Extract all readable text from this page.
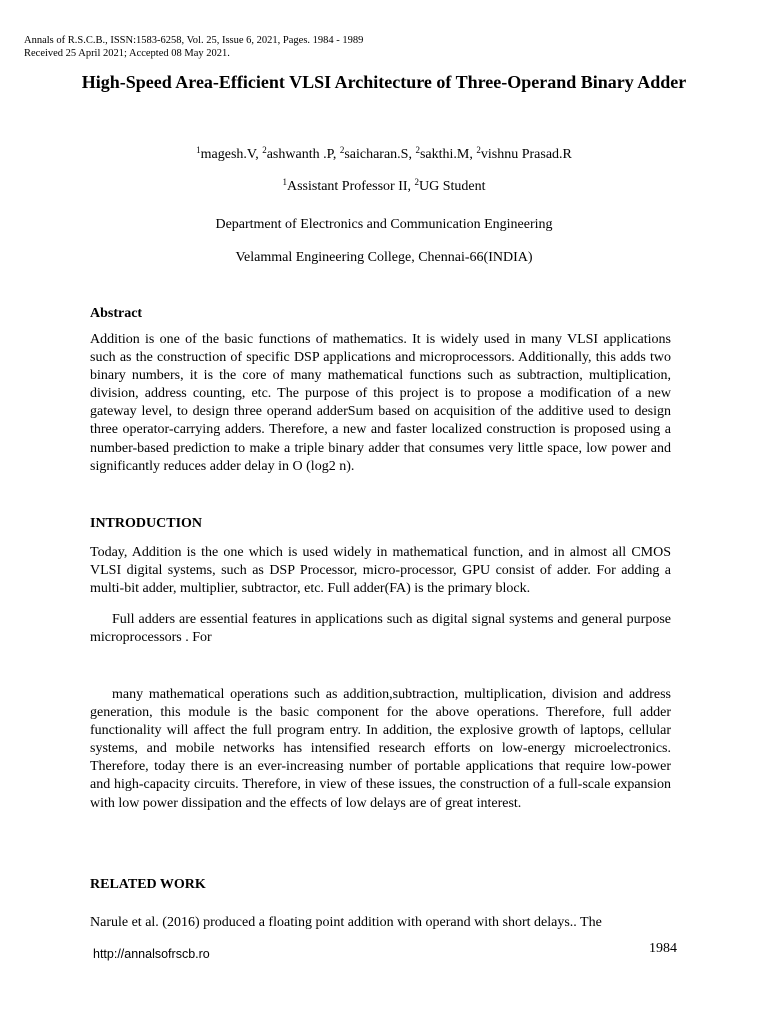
Annals of R.S.C.B., ISSN:1583-6258, Vol. 25, Issue 6, 2021, Pages. 1984 - 1989
Received 25 April 2021; Accepted 08 May 2021.
High-Speed Area-Efficient VLSI Architecture of Three-Operand Binary Adder
$^1$magesh.V, $^2$ashwanth .P, $^2$saicharan.S, $^2$sakthi.M, $^2$vishnu Prasad.R
$^1$Assistant Professor II, $^2$UG Student
Department of Electronics and Communication Engineering
Velammal Engineering College, Chennai-66(INDIA)
Abstract
Addition is one of the basic functions of mathematics. It is widely used in many VLSI applications such as the construction of specific DSP applications and microprocessors. Additionally, this adds two binary numbers, it is the core of many mathematical functions such as subtraction, multiplication, division, address counting, etc. The purpose of this project is to propose a modification of a new gateway level, to design three operand adderSum based on acquisition of the additive used to design three operator-carrying adders. Therefore, a new and faster localized construction is proposed using a number-based prediction to make a triple binary adder that consumes very little space, low power and significantly reduces adder delay in O (log2 n).
INTRODUCTION
Today, Addition is the one which is used widely in mathematical function, and in almost all CMOS VLSI digital systems, such as DSP Processor, micro-processor, GPU consist of adder. For adding a multi-bit adder, multiplier, subtractor, etc. Full adder(FA) is the primary block.
Full adders are essential features in applications such as digital signal systems and general purpose microprocessors . For
many mathematical operations such as addition,subtraction, multiplication, division and address generation, this module is the basic component for the above operations. Therefore, full adder functionality will affect the full program entry. In addition, the explosive growth of laptops, cellular systems, and mobile networks has intensified research efforts on low-energy microelectronics. Therefore, today there is an ever-increasing number of portable applications that require low-power and high-capacity circuits. Therefore, in view of these issues, the construction of a full-scale expansion with low power dissipation and the effects of low delays are of great interest.
RELATED WORK
Narule et al. (2016) produced a floating point addition with operand with short delays.. The
http://annalsofrscb.ro	1984
